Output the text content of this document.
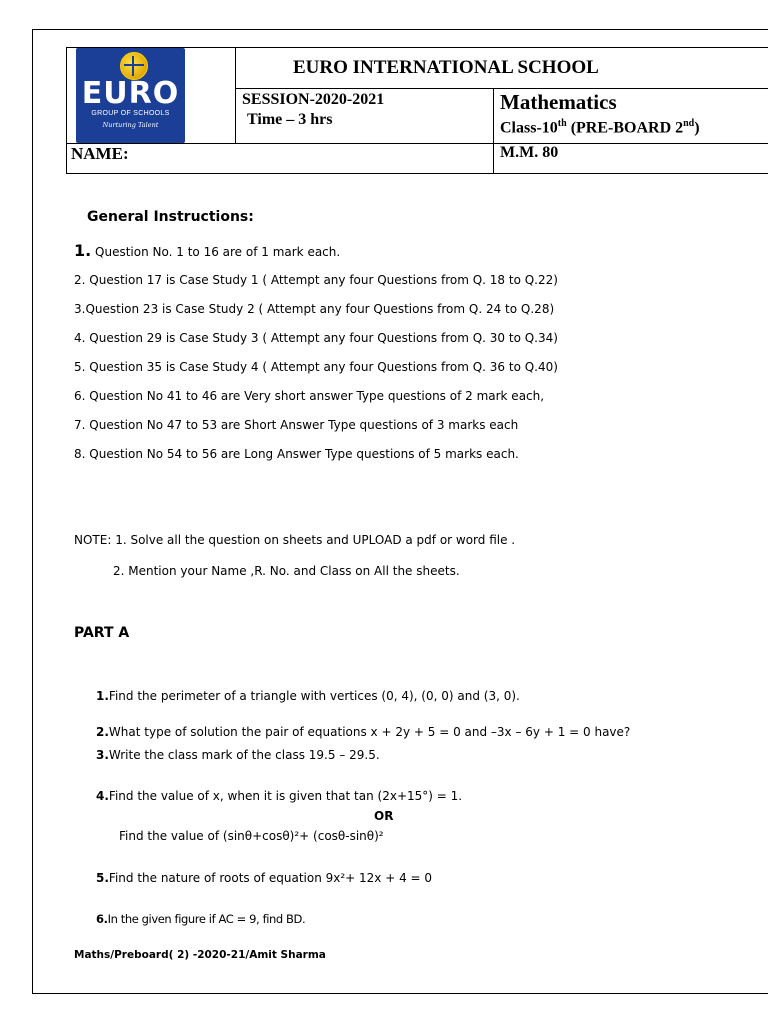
EURO
GROUP OF SCHOOLS
Nurturing Talent
EURO INTERNATIONAL SCHOOL
SESSION-2020-2021
Time – 3 hrs
Mathematics
Class-10th (PRE-BOARD 2nd)
NAME:	M.M. 80
General Instructions:
1. Question No. 1 to 16 are of 1 mark each.
2. Question 17 is Case Study 1 ( Attempt any four Questions from Q. 18 to Q.22)
3.Question 23 is Case Study 2 ( Attempt any four Questions from Q. 24 to Q.28)
4. Question 29 is Case Study 3 ( Attempt any four Questions from Q. 30 to Q.34)
5. Question 35 is Case Study 4 ( Attempt any four Questions from Q. 36 to Q.40)
6. Question No 41 to 46 are Very short answer Type questions of 2 mark each,
7. Question No 47 to 53 are Short Answer Type questions of 3 marks each
8. Question No 54 to 56 are Long Answer Type questions of 5 marks each.
NOTE: 1. Solve all the question on sheets and UPLOAD a pdf or word file .
2. Mention your Name ,R. No. and Class on All the sheets.
PART A
1.Find the perimeter of a triangle with vertices (0, 4), (0, 0) and (3, 0).
2.What type of solution the pair of equations x + 2y + 5 = 0 and –3x – 6y + 1 = 0 have?
3.Write the class mark of the class 19.5 – 29.5.
4.Find the value of x, when it is given that tan (2x+15°) = 1.
OR
Find the value of (sinθ+cosθ)²+ (cosθ-sinθ)²
5.Find the nature of roots of equation 9x²+ 12x + 4 = 0
6.In the given figure if AC = 9, find BD.
Maths/Preboard( 2) -2020-21/Amit Sharma
